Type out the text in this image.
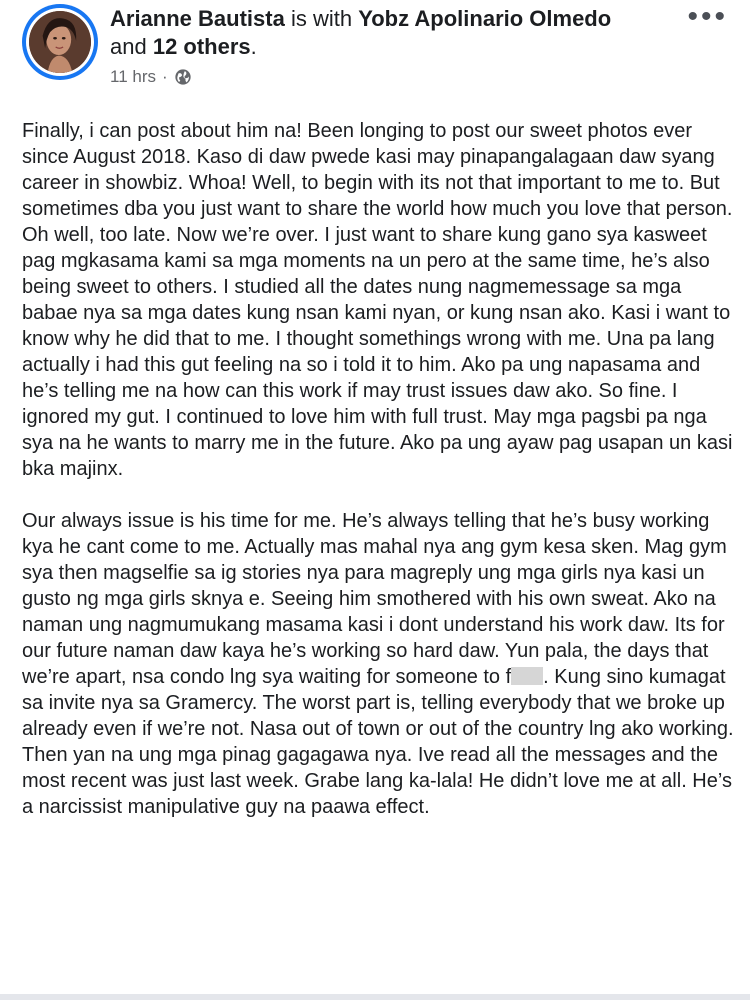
Arianne Bautista is with Yobz Apolinario Olmedo
and 12 others.
11 hrs ·
•••

Finally, i can post about him na! Been longing to post our sweet photos ever since August 2018. Kaso di daw pwede kasi may pinapangalagaan daw syang career in showbiz. Whoa! Well, to begin with its not that important to me to. But sometimes dba you just want to share the world how much you love that person. Oh well, too late. Now we’re over. I just want to share kung gano sya kasweet pag mgkasama kami sa mga moments na un pero at the same time, he’s also being sweet to others. I studied all the dates nung nagmemessage sa mga babae nya sa mga dates kung nsan kami nyan, or kung nsan ako. Kasi i want to know why he did that to me. I thought somethings wrong with me. Una pa lang actually i had this gut feeling na so i told it to him. Ako pa ung napasama and he’s telling me na how can this work if may trust issues daw ako. So fine. I ignored my gut. I continued to love him with full trust. May mga pagsbi pa nga sya na he wants to marry me in the future. Ako pa ung ayaw pag usapan un kasi bka majinx.

Our always issue is his time for me. He’s always telling that he’s busy working kya he cant come to me. Actually mas mahal nya ang gym kesa sken. Mag gym sya then magselfie sa ig stories nya para magreply ung mga girls nya kasi un gusto ng mga girls sknya e. Seeing him smothered with his own sweat. Ako na naman ung nagmumukang masama kasi i dont understand his work daw. Its for our future naman daw kaya he’s working so hard daw. Yun pala, the days that we’re apart, nsa condo lng sya waiting for someone to f . Kung sino kumagat sa invite nya sa Gramercy. The worst part is, telling everybody that we broke up already even if we’re not. Nasa out of town or out of the country lng ako working. Then yan na ung mga pinag gagagawa nya. Ive read all the messages and the most recent was just last week. Grabe lang ka-lala! He didn’t love me at all. He’s a narcissist manipulative guy na paawa effect.
